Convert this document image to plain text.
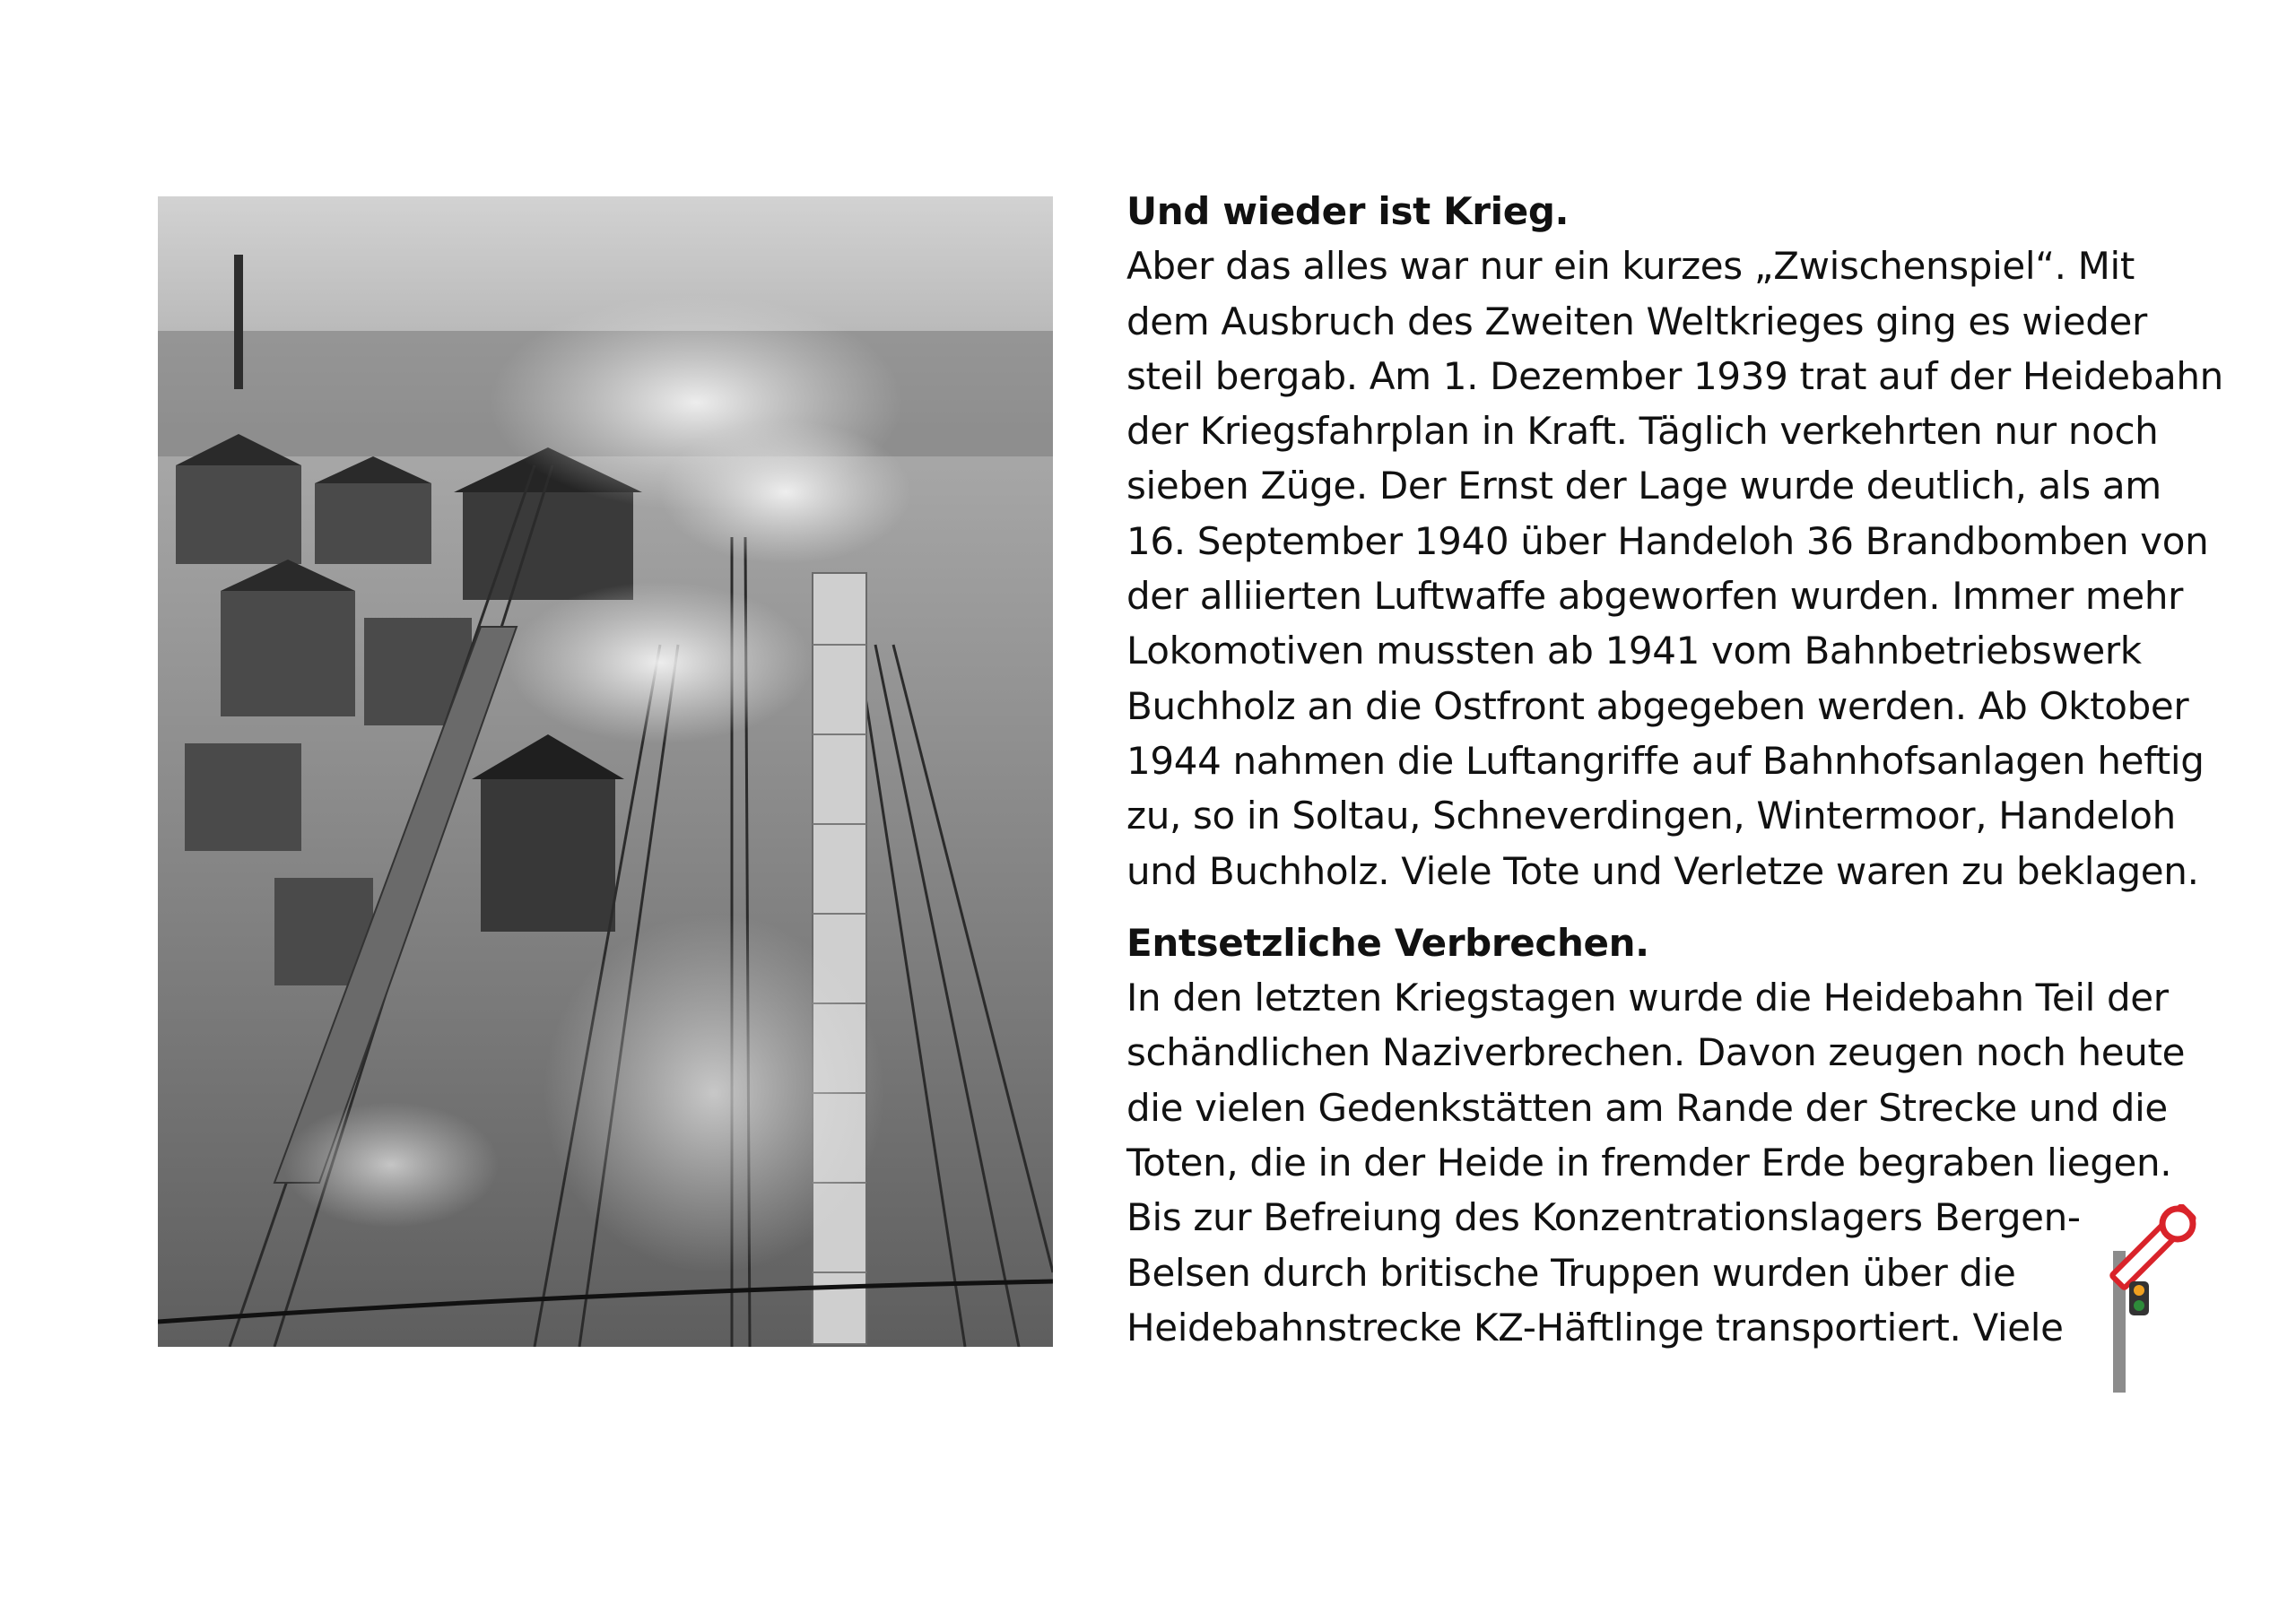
Und wieder ist Krieg.
Aber das alles war nur ein kurzes „Zwischenspiel“. Mit
dem Ausbruch des Zweiten Weltkrieges ging es wieder
steil bergab. Am 1. Dezember 1939 trat auf der Heidebahn
der Kriegsfahrplan in Kraft. Täglich verkehrten nur noch
sieben Züge. Der Ernst der Lage wurde deutlich, als am
16. September 1940 über Handeloh 36 Brandbomben von
der alliierten Luftwaffe abgeworfen wurden. Immer mehr
Lokomotiven mussten ab 1941 vom Bahnbetriebswerk
Buchholz an die Ostfront abgegeben werden. Ab Oktober
1944 nahmen die Luftangriffe auf Bahnhofsanlagen heftig
zu, so in Soltau, Schneverdingen, Wintermoor, Handeloh
und Buchholz. Viele Tote und Verletze waren zu beklagen.
Entsetzliche Verbrechen.
In den letzten Kriegstagen wurde die Heidebahn Teil der
schändlichen Naziverbrechen. Davon zeugen noch heute
die vielen Gedenkstätten am Rande der Strecke und die
Toten, die in der Heide in fremder Erde begraben liegen.
Bis zur Befreiung des Konzentrationslagers Bergen-
Belsen durch britische Truppen wurden über die
Heidebahnstrecke KZ-Häftlinge transportiert. Viele
